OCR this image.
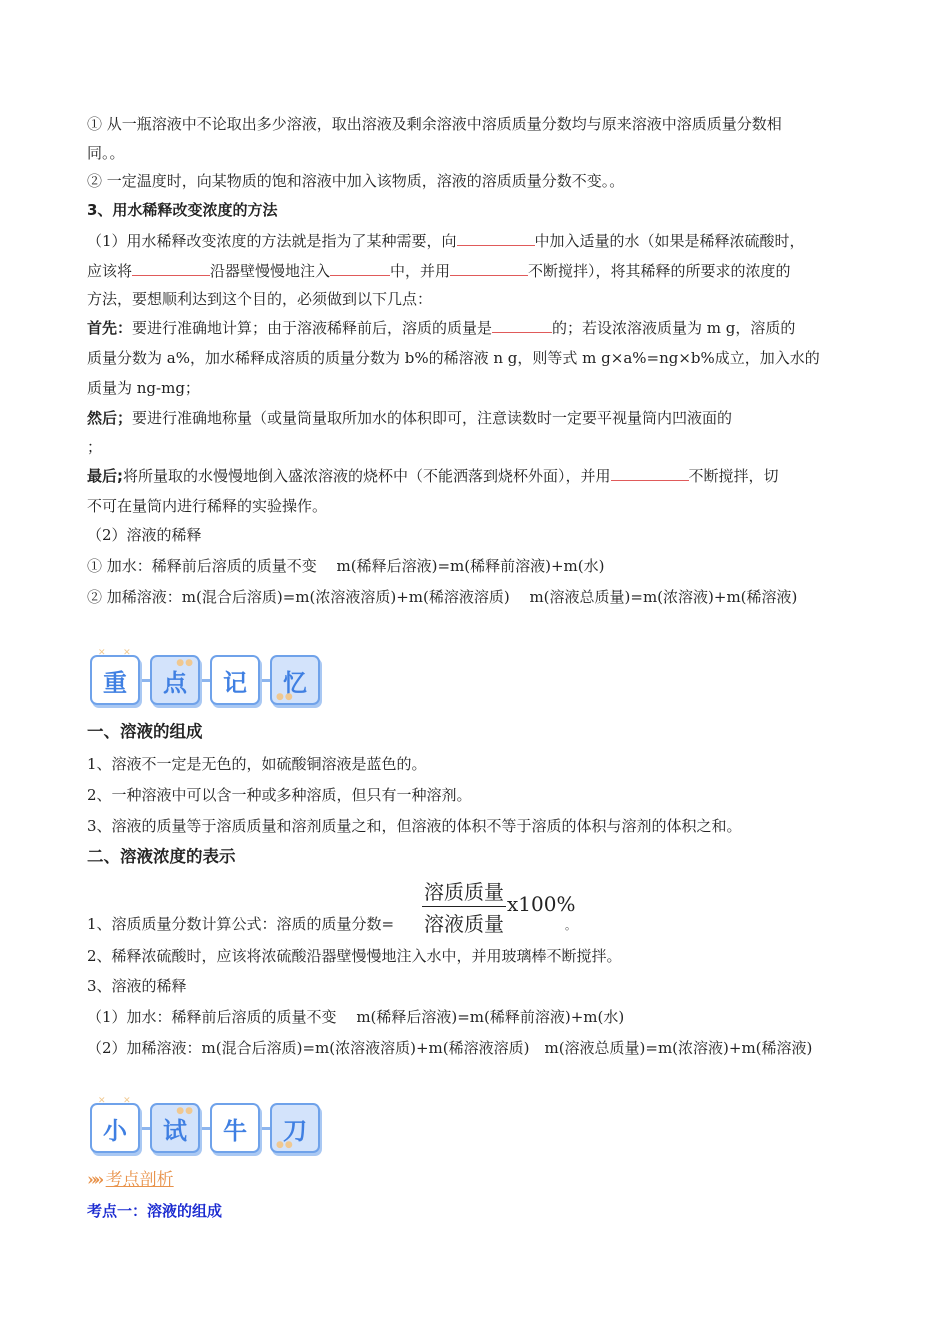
① 从一瓶溶液中不论取出多少溶液，取出溶液及剩余溶液中溶质质量分数均与原来溶液中溶质质量分数相
同。。
② 一定温度时，向某物质的饱和溶液中加入该物质，溶液的溶质质量分数不变。。
3、用水稀释改变浓度的方法
（1）用水稀释改变浓度的方法就是指为了某种需要，向	中加入适量的水（如果是稀释浓硫酸时，
应该将	沿器壁慢慢地注入	中，并用	不断搅拌），将其稀释的所要求的浓度的
方法，要想顺利达到这个目的，必须做到以下几点：
首先：要进行准确地计算；由于溶液稀释前后，溶质的质量是	的；若设浓溶液质量为 m g，溶质的
质量分数为 a%，加水稀释成溶质的质量分数为 b%的稀溶液 n g，则等式 m g×a%=ng×b%成立，加入水的
质量为 ng-mg；
然后；要进行准确地称量（或量筒量取所加水的体积即可，注意读数时一定要平视量筒内凹液面的
；
最后;将所量取的水慢慢地倒入盛浓溶液的烧杯中（不能洒落到烧杯外面），并用	不断搅拌，切
不可在量筒内进行稀释的实验操作。
（2）溶液的稀释
① 加水：稀释前后溶质的质量不变　 m(稀释后溶液)=m(稀释前溶液)+m(水)
② 加稀溶液：m(混合后溶质)=m(浓溶液溶质)+m(稀溶液溶质)　 m(溶液总质量)=m(浓溶液)+m(稀溶液)
✕    ✕
重
●●
点 记
●●
忆
一、溶液的组成
1、溶液不一定是无色的，如硫酸铜溶液是蓝色的。
2、一种溶液中可以含一种或多种溶质，但只有一种溶剂。
3、溶液的质量等于溶质质量和溶剂质量之和，但溶液的体积不等于溶质的体积与溶剂的体积之和。
二、溶液浓度的表示
1、溶质质量分数计算公式：溶质的质量分数=
溶质质量
溶液质量
x100%
。
2、稀释浓硫酸时，应该将浓硫酸沿器壁慢慢地注入水中，并用玻璃棒不断搅拌。
3、溶液的稀释
（1）加水：稀释前后溶质的质量不变　 m(稀释后溶液)=m(稀释前溶液)+m(水)
（2）加稀溶液：m(混合后溶质)=m(浓溶液溶质)+m(稀溶液溶质)　m(溶液总质量)=m(浓溶液)+m(稀溶液)
✕    ✕
小
●●
试 牛
●●
刀
»» 考点剖析
考点一：溶液的组成
